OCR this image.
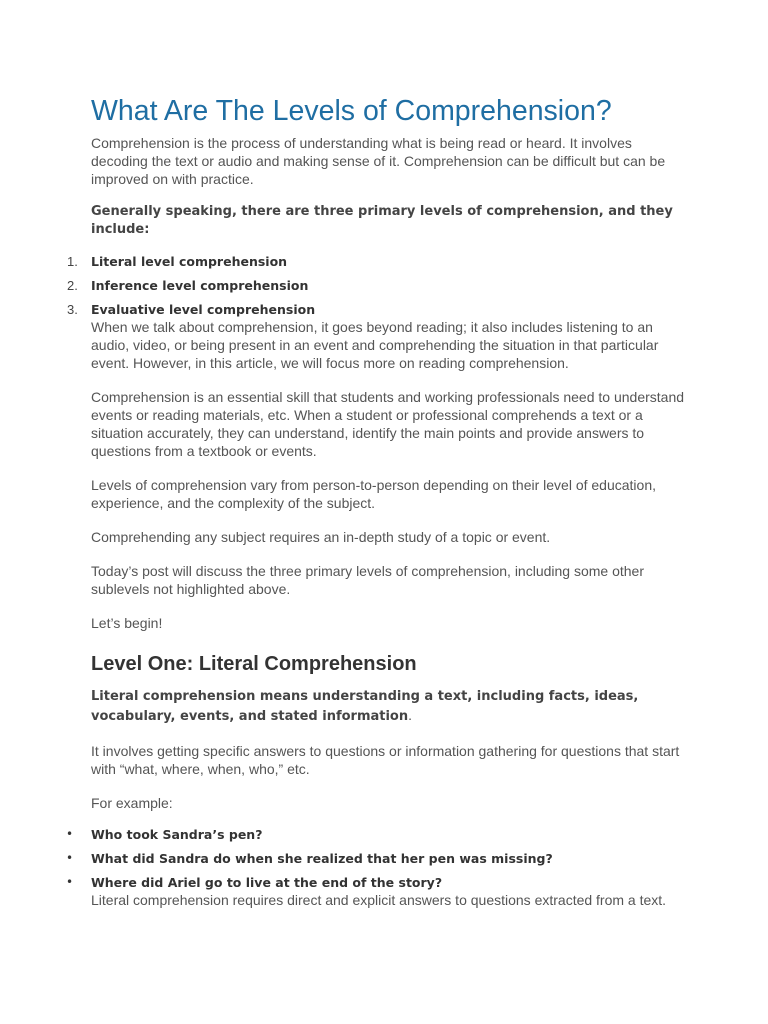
What Are The Levels of Comprehension?

Comprehension is the process of understanding what is being read or heard. It involves decoding the text or audio and making sense of it. Comprehension can be difficult but can be improved on with practice.

Generally speaking, there are three primary levels of comprehension, and they include:

1.	Literal level comprehension
2.	Inference level comprehension
3.	Evaluative level comprehension

When we talk about comprehension, it goes beyond reading; it also includes listening to an audio, video, or being present in an event and comprehending the situation in that particular event. However, in this article, we will focus more on reading comprehension.

Comprehension is an essential skill that students and working professionals need to understand events or reading materials, etc. When a student or professional comprehends a text or a situation accurately, they can understand, identify the main points and provide answers to questions from a textbook or events.

Levels of comprehension vary from person-to-person depending on their level of education, experience, and the complexity of the subject.

Comprehending any subject requires an in-depth study of a topic or event.

Today’s post will discuss the three primary levels of comprehension, including some other sublevels not highlighted above.

Let’s begin!

Level One: Literal Comprehension

Literal comprehension means understanding a text, including facts, ideas, vocabulary, events, and stated information.

It involves getting specific answers to questions or information gathering for questions that start with “what, where, when, who,” etc.

For example:

• Who took Sandra’s pen?
• What did Sandra do when she realized that her pen was missing?
• Where did Ariel go to live at the end of the story?

Literal comprehension requires direct and explicit answers to questions extracted from a text.
